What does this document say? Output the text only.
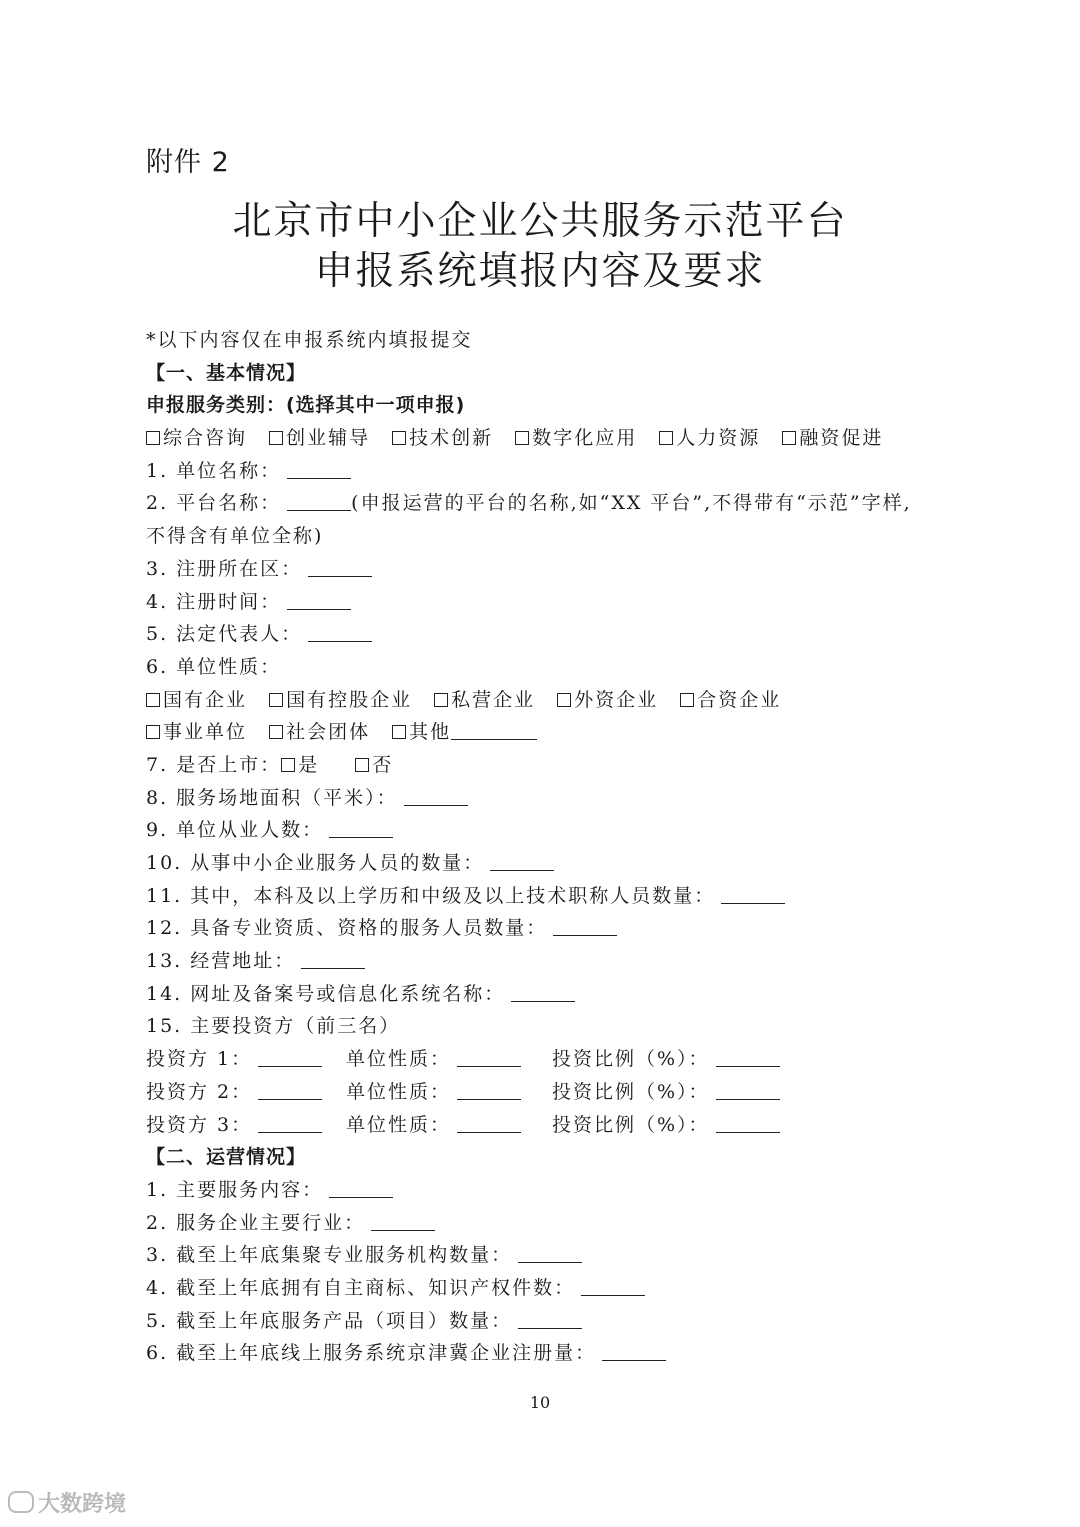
附件 2
北京市中小企业公共服务示范平台
申报系统填报内容及要求
*以下内容仅在申报系统内填报提交
【一、基本情况】
申报服务类别：(选择其中一项申报)
综合咨询 创业辅导 技术创新 数字化应用 人力资源 融资促进
1. 单位名称：
2. 平台名称：	(申报运营的平台的名称,如“XX 平台”,不得带有“示范”字样,
不得含有单位全称)
3. 注册所在区：
4. 注册时间：
5. 法定代表人：
6. 单位性质：
国有企业 国有控股企业 私营企业 外资企业 合资企业
事业单位 社会团体 其他
7. 是否上市： 是	否
8. 服务场地面积（平米）：
9. 单位从业人数：
10. 从事中小企业服务人员的数量：
11. 其中，本科及以上学历和中级及以上技术职称人员数量：
12. 具备专业资质、资格的服务人员数量：
13. 经营地址：
14. 网址及备案号或信息化系统名称：
15. 主要投资方（前三名）
投资方 1：	单位性质：	投资比例（%）：
投资方 2：	单位性质：	投资比例（%）：
投资方 3：	单位性质：	投资比例（%）：
【二、运营情况】
1. 主要服务内容：
2. 服务企业主要行业：
3. 截至上年底集聚专业服务机构数量：
4. 截至上年底拥有自主商标、知识产权件数：
5. 截至上年底服务产品（项目）数量：
6. 截至上年底线上服务系统京津冀企业注册量：
10
大数跨境
